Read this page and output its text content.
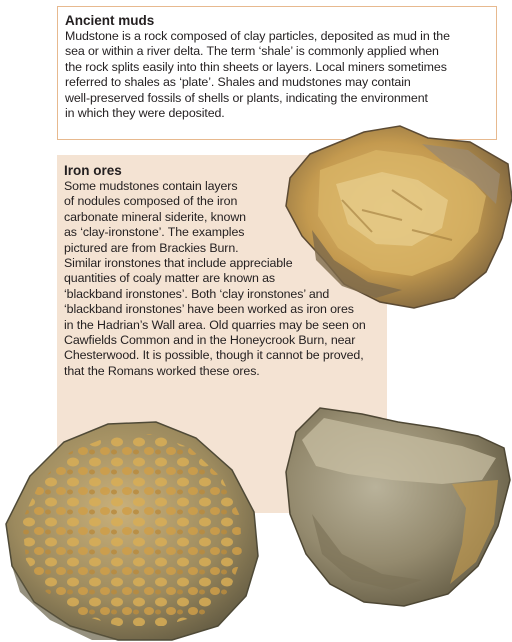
Ancient muds

Mudstone is a rock composed of clay particles, deposited as mud in the
sea or within a river delta. The term ‘shale’ is commonly applied when
the rock splits easily into thin sheets or layers. Local miners sometimes
referred to shales as ‘plate’. Shales and mudstones may contain
well-preserved fossils of shells or plants, indicating the environment
in which they were deposited.

Iron ores

Some mudstones contain layers
of nodules composed of the iron
carbonate mineral siderite, known
as ‘clay-ironstone’. The examples
pictured are from Brackies Burn.
Similar ironstones that include appreciable
quantities of coaly matter are known as
‘blackband ironstones’. Both ‘clay ironstones’ and
‘blackband ironstones’ have been worked as iron ores
in the Hadrian’s Wall area. Old quarries may be seen on
Cawfields Common and in the Honeycrook Burn, near
Chesterwood. It is possible, though it cannot be proved,
that the Romans worked these ores.
